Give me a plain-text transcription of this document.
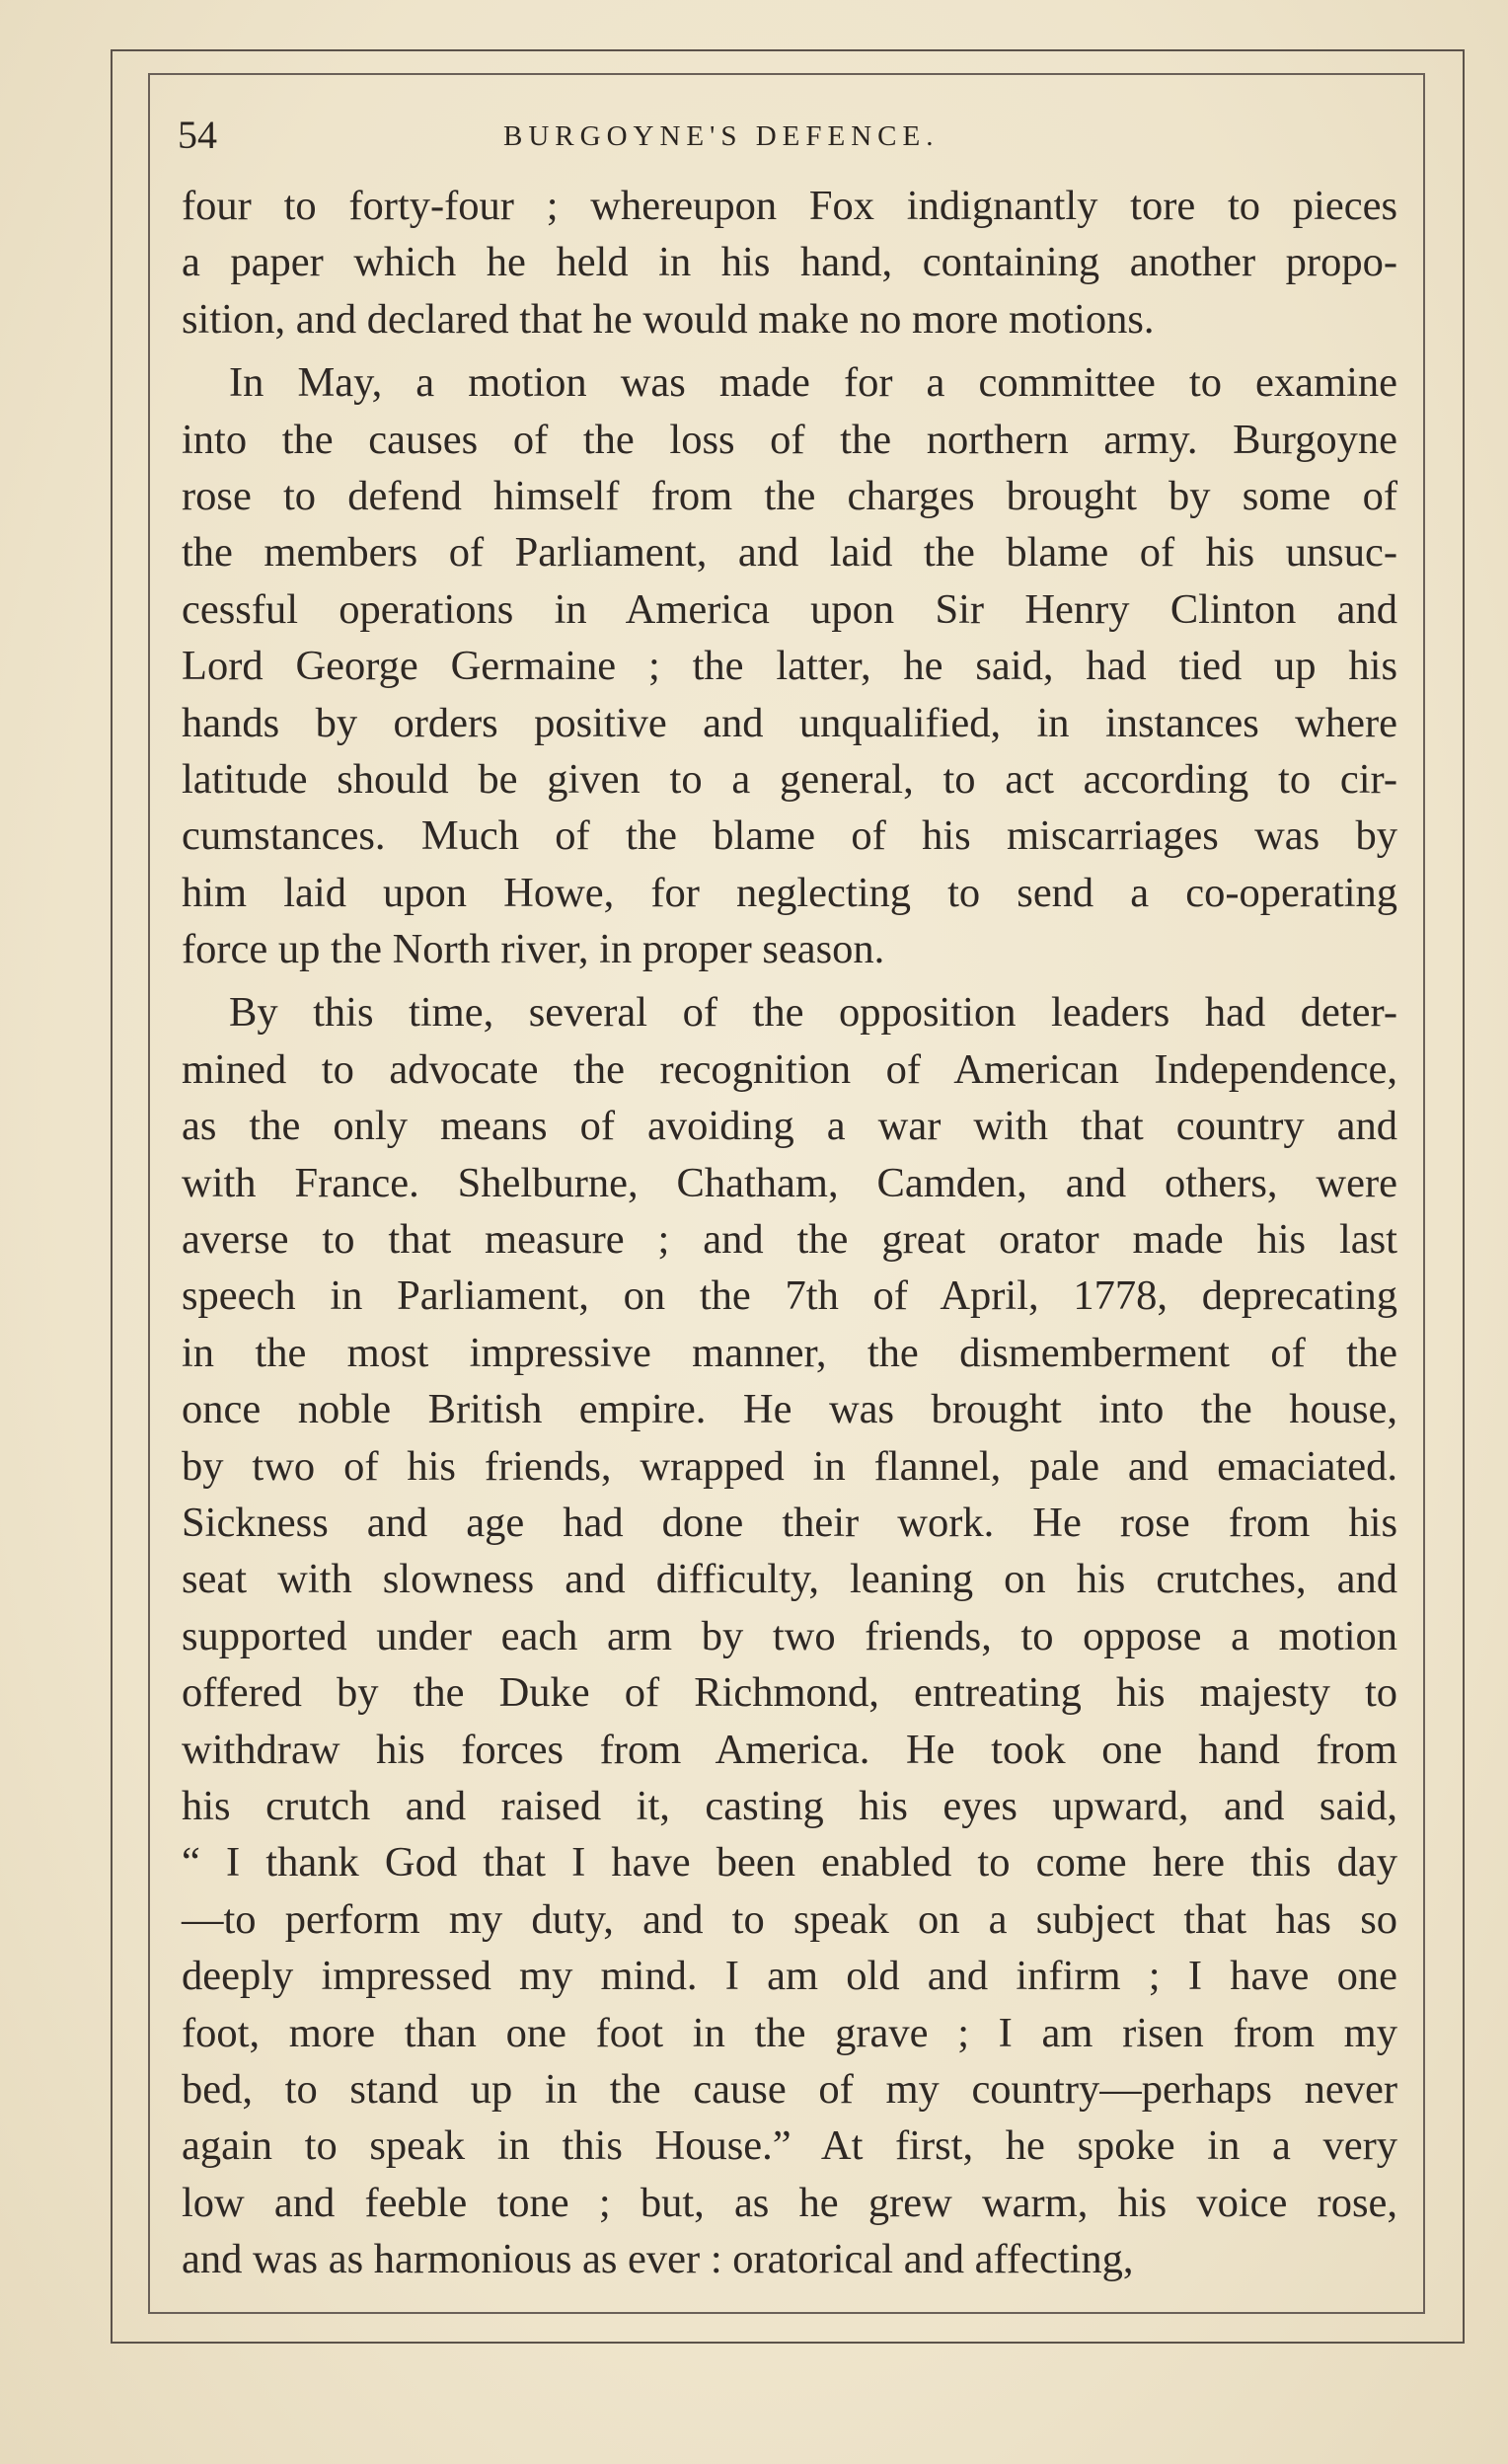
54	BURGOYNE'S DEFENCE.
four to forty-four ; whereupon Fox indignantly tore to pieces
a paper which he held in his hand, containing another propo-
sition, and declared that he would make no more motions.
In May, a motion was made for a committee to examine
into the causes of the loss of the northern army. Burgoyne
rose to defend himself from the charges brought by some of
the members of Parliament, and laid the blame of his unsuc-
cessful operations in America upon Sir Henry Clinton and
Lord George Germaine ; the latter, he said, had tied up his
hands by orders positive and unqualified, in instances where
latitude should be given to a general, to act according to cir-
cumstances. Much of the blame of his miscarriages was by
him laid upon Howe, for neglecting to send a co-operating
force up the North river, in proper season.
By this time, several of the opposition leaders had deter-
mined to advocate the recognition of American Independence,
as the only means of avoiding a war with that country and
with France. Shelburne, Chatham, Camden, and others, were
averse to that measure ; and the great orator made his last
speech in Parliament, on the 7th of April, 1778, deprecating
in the most impressive manner, the dismemberment of the
once noble British empire. He was brought into the house,
by two of his friends, wrapped in flannel, pale and emaciated.
Sickness and age had done their work. He rose from his
seat with slowness and difficulty, leaning on his crutches, and
supported under each arm by two friends, to oppose a motion
offered by the Duke of Richmond, entreating his majesty to
withdraw his forces from America. He took one hand from
his crutch and raised it, casting his eyes upward, and said,
“ I thank God that I have been enabled to come here this day
—to perform my duty, and to speak on a subject that has so
deeply impressed my mind. I am old and infirm ; I have one
foot, more than one foot in the grave ; I am risen from my
bed, to stand up in the cause of my country—perhaps never
again to speak in this House.” At first, he spoke in a very
low and feeble tone ; but, as he grew warm, his voice rose,
and was as harmonious as ever : oratorical and affecting,
